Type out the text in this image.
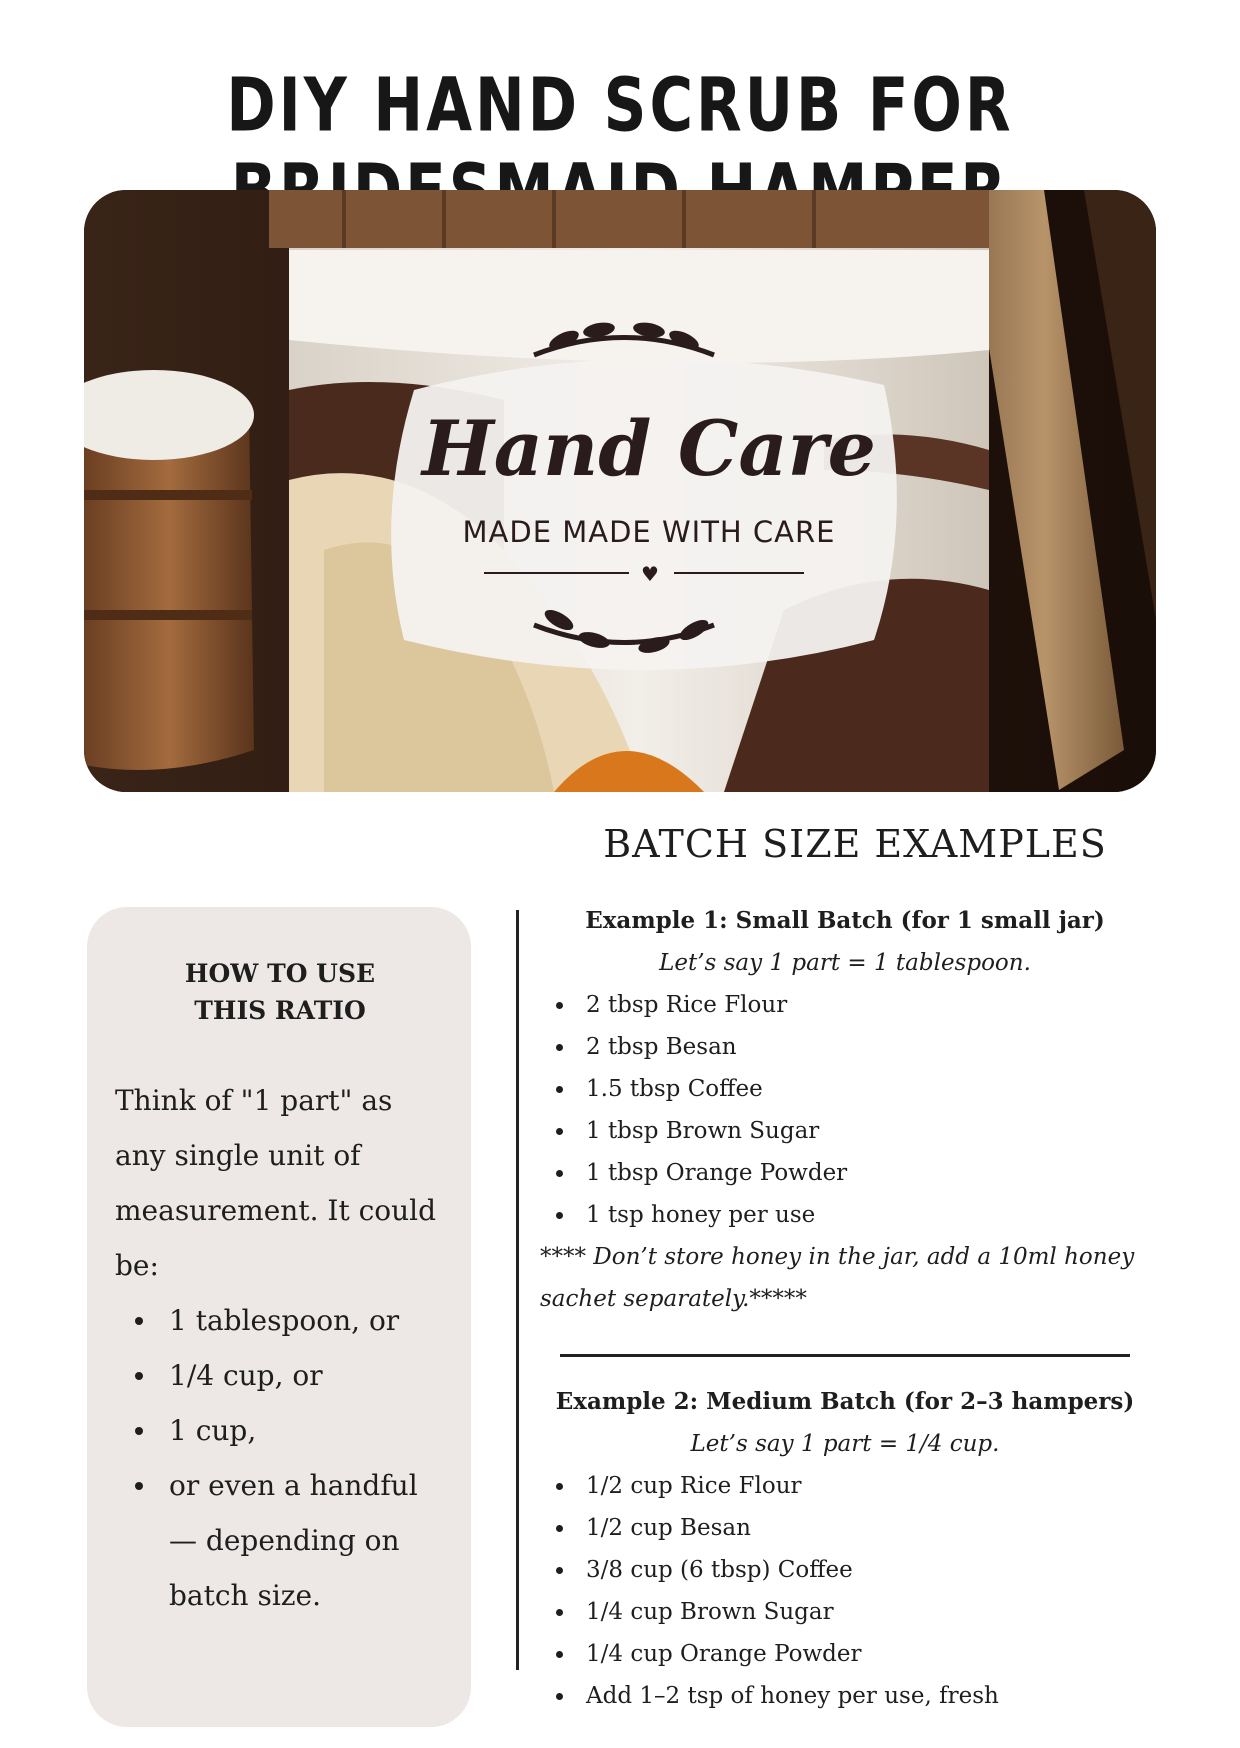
DIY HAND SCRUB FOR
Hand Care
MADE MADE WITH CARE
♥
BATCH SIZE EXAMPLES
HOW TO USE
THIS RATIO

Think of "1 part" as any single unit of measurement. It could be:

1 tablespoon, or
1/4 cup, or
1 cup,
or even a handful — depending on batch size.

Example 1: Small Batch (for 1 small jar)

Let’s say 1 part = 1 tablespoon.

2 tbsp Rice Flour
2 tbsp Besan
1.5 tbsp Coffee
1 tbsp Brown Sugar
1 tbsp Orange Powder
1 tsp honey per use

**** Don’t store honey in the jar, add a 10ml honey sachet separately.*****

Example 2: Medium Batch (for 2–3 hampers)

Let’s say 1 part = 1/4 cup.

1/2 cup Rice Flour
1/2 cup Besan
3/8 cup (6 tbsp) Coffee
1/4 cup Brown Sugar
1/4 cup Orange Powder
Add 1–2 tsp of honey per use, fresh
